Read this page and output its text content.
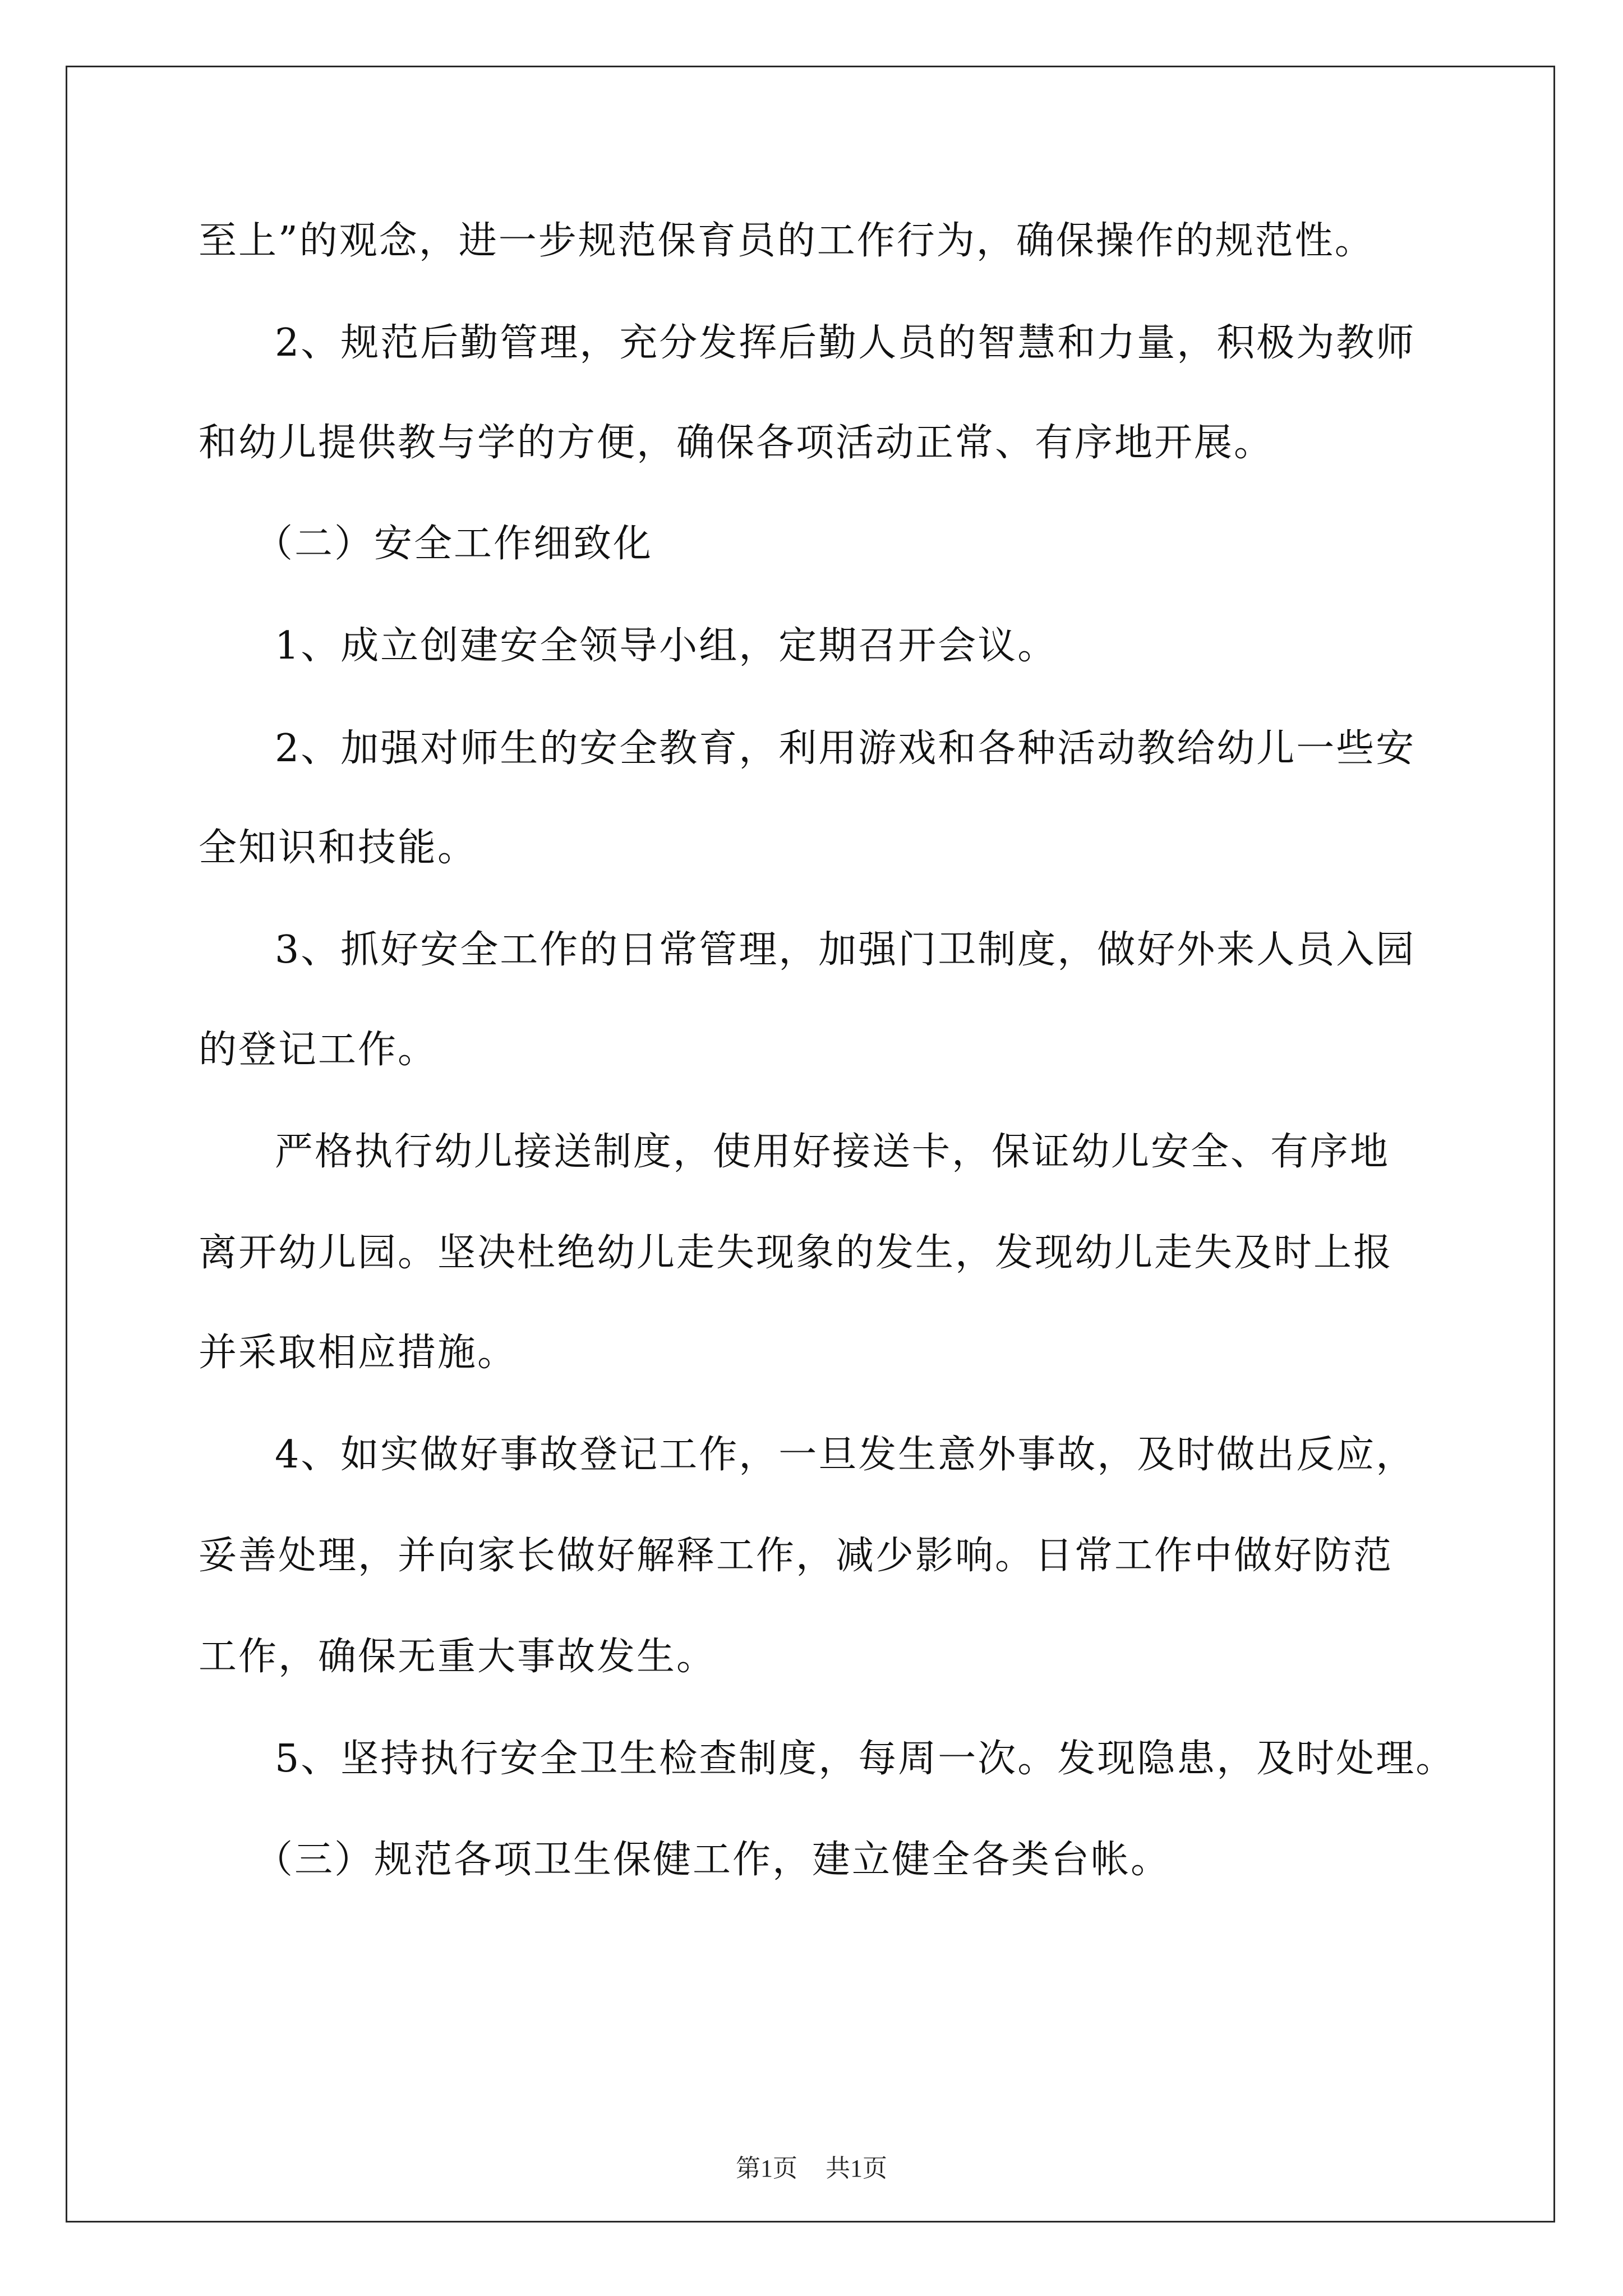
至上”的观念，进一步规范保育员的工作行为，确保操作的规范性。
2、规范后勤管理，充分发挥后勤人员的智慧和力量，积极为教师
和幼儿提供教与学的方便，确保各项活动正常、有序地开展。
（二）安全工作细致化
1、成立创建安全领导小组，定期召开会议。
2、加强对师生的安全教育，利用游戏和各种活动教给幼儿一些安
全知识和技能。
3、抓好安全工作的日常管理，加强门卫制度，做好外来人员入园
的登记工作。
严格执行幼儿接送制度，使用好接送卡，保证幼儿安全、有序地
离开幼儿园。坚决杜绝幼儿走失现象的发生，发现幼儿走失及时上报
并采取相应措施。
4、如实做好事故登记工作，一旦发生意外事故，及时做出反应，
妥善处理，并向家长做好解释工作，减少影响。日常工作中做好防范
工作，确保无重大事故发生。
5、坚持执行安全卫生检查制度，每周一次。发现隐患，及时处理。
（三）规范各项卫生保健工作，建立健全各类台帐。
第1页 共1页
